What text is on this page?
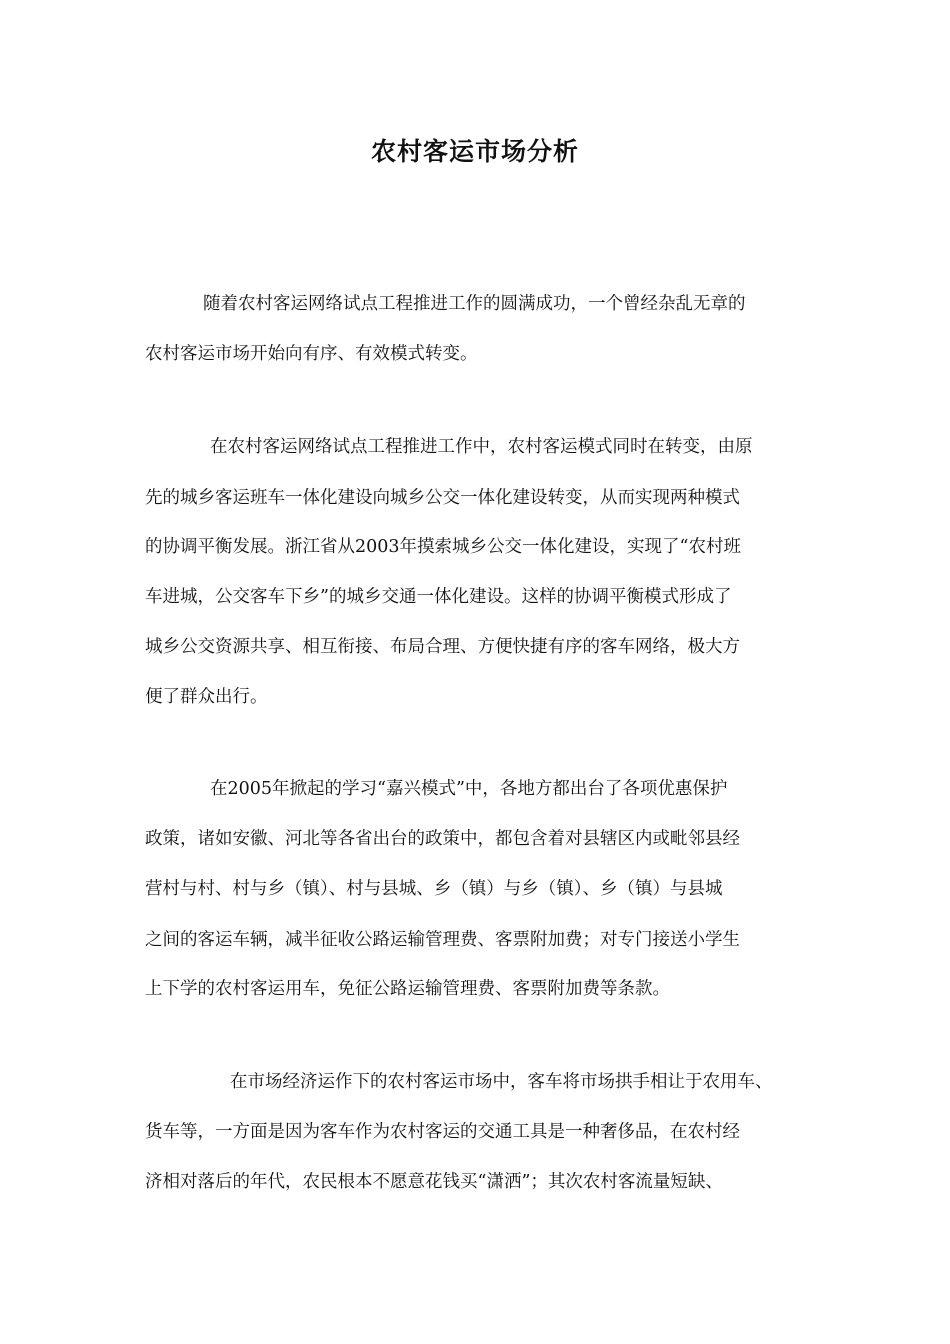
农村客运市场分析

随着农村客运网络试点工程推进工作的圆满成功，一个曾经杂乱无章的

农村客运市场开始向有序、有效模式转变。

在农村客运网络试点工程推进工作中，农村客运模式同时在转变，由原

先的城乡客运班车一体化建设向城乡公交一体化建设转变，从而实现两种模式

的协调平衡发展。浙江省从2003年摸索城乡公交一体化建设，实现了“农村班

车进城，公交客车下乡”的城乡交通一体化建设。这样的协调平衡模式形成了

城乡公交资源共享、相互衔接、布局合理、方便快捷有序的客车网络，极大方

便了群众出行。

在2005年掀起的学习“嘉兴模式”中，各地方都出台了各项优惠保护

政策，诸如安徽、河北等各省出台的政策中，都包含着对县辖区内或毗邻县经

营村与村、村与乡（镇）、村与县城、乡（镇）与乡（镇）、乡（镇）与县城

之间的客运车辆，减半征收公路运输管理费、客票附加费；对专门接送小学生

上下学的农村客运用车，免征公路运输管理费、客票附加费等条款。

在市场经济运作下的农村客运市场中，客车将市场拱手相让于农用车、

货车等，一方面是因为客车作为农村客运的交通工具是一种奢侈品，在农村经

济相对落后的年代，农民根本不愿意花钱买“潇洒”；其次农村客流量短缺、
